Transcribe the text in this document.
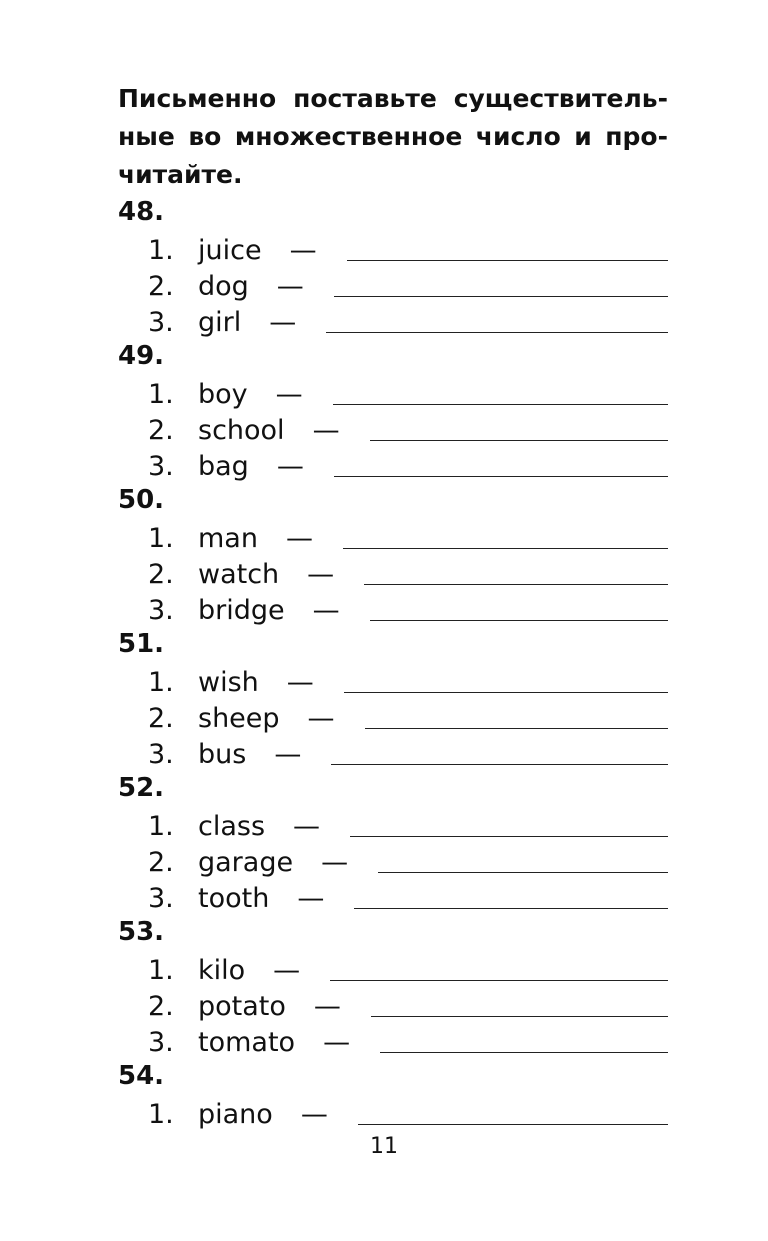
Письменно поставьте существитель-

ные во множественное число и про-

читайте.

48.

1. juice —
2. dog —
3. girl —

49.

1. boy —
2. school —
3. bag —

50.

1. man —
2. watch —
3. bridge —

51.

1. wish —
2. sheep —
3. bus —

52.

1. class —
2. garage —
3. tooth —

53.

1. kilo —
2. potato —
3. tomato —

54.

1. piano —
11
